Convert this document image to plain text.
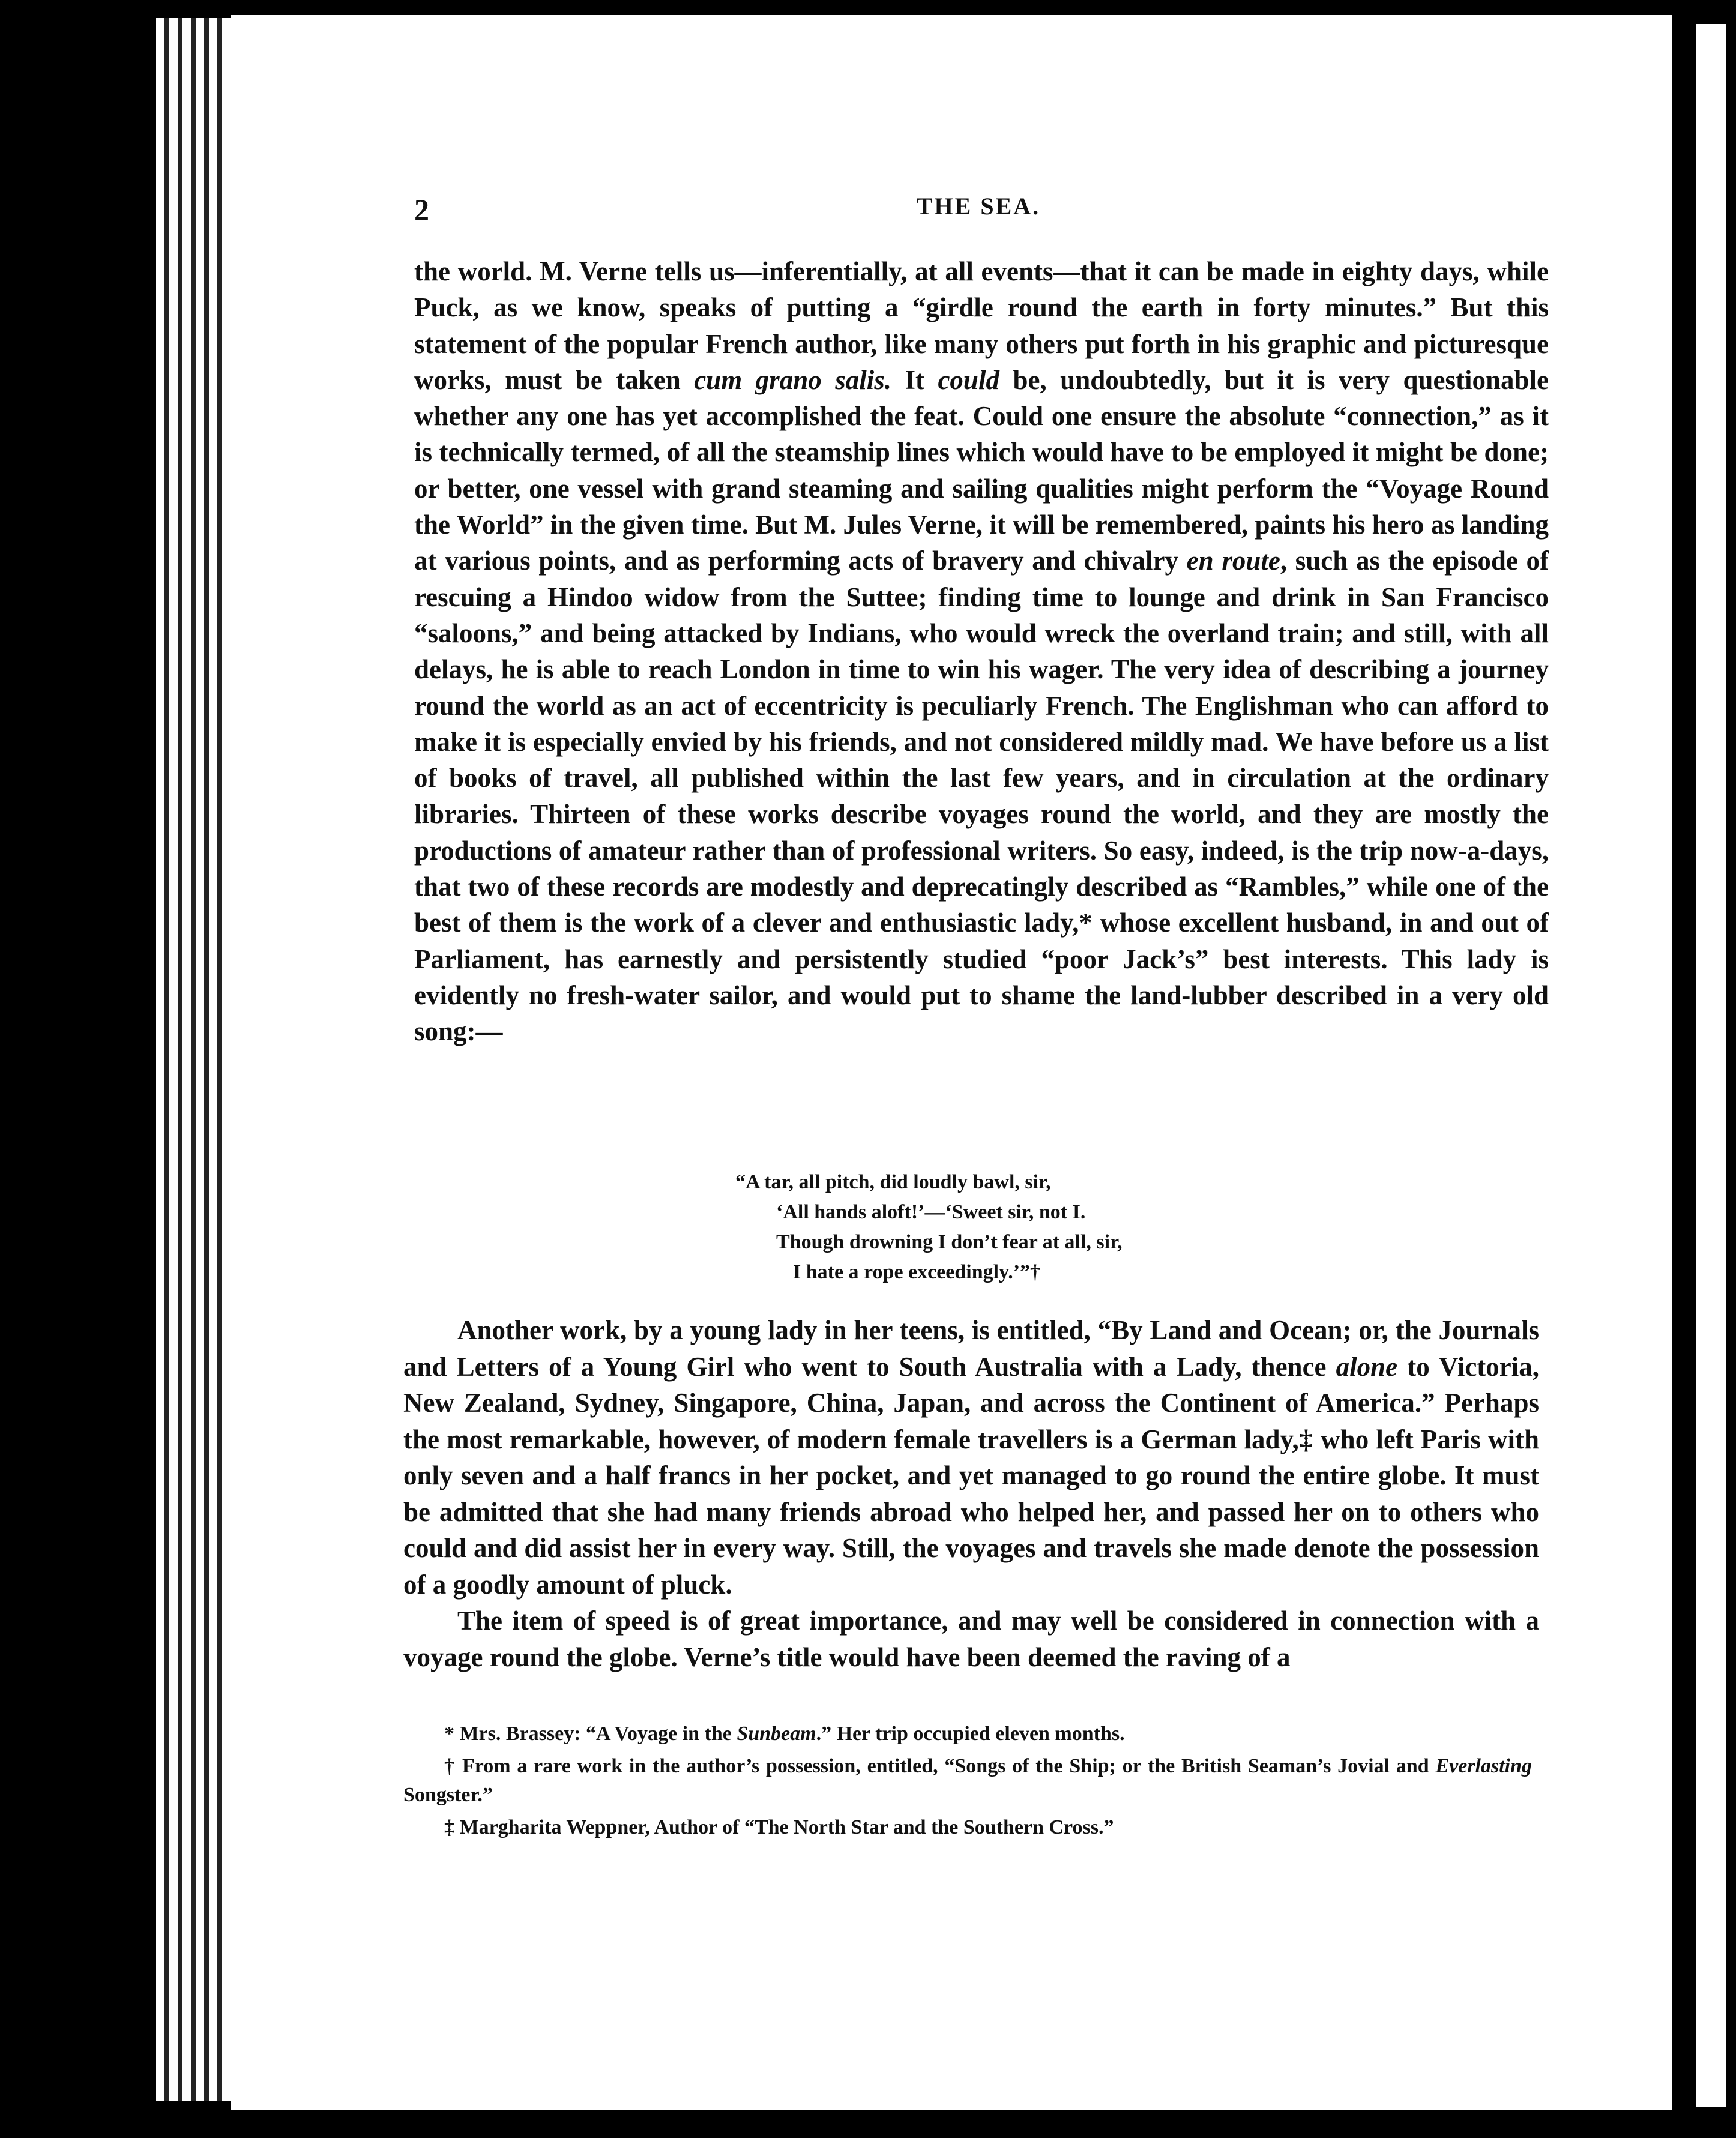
2	THE SEA.

the world. M. Verne tells us—inferentially, at all events—that it can be made in eighty days, while Puck, as we know, speaks of putting a “girdle round the earth in forty minutes.” But this statement of the popular French author, like many others put forth in his graphic and picturesque works, must be taken cum grano salis. It could be, undoubtedly, but it is very questionable whether any one has yet accomplished the feat. Could one ensure the absolute “connection,” as it is technically termed, of all the steamship lines which would have to be employed it might be done; or better, one vessel with grand steaming and sailing qualities might perform the “Voyage Round the World” in the given time. But M. Jules Verne, it will be remembered, paints his hero as landing at various points, and as performing acts of bravery and chivalry en route, such as the episode of rescuing a Hindoo widow from the Suttee; finding time to lounge and drink in San Francisco “saloons,” and being attacked by Indians, who would wreck the overland train; and still, with all delays, he is able to reach London in time to win his wager. The very idea of describing a journey round the world as an act of eccentricity is peculiarly French. The Englishman who can afford to make it is especially envied by his friends, and not considered mildly mad. We have before us a list of books of travel, all published within the last few years, and in circulation at the ordinary libraries. Thirteen of these works describe voyages round the world, and they are mostly the productions of amateur rather than of professional writers. So easy, indeed, is the trip now-a-days, that two of these records are modestly and deprecatingly described as “Rambles,” while one of the best of them is the work of a clever and enthusiastic lady,* whose excellent husband, in and out of Parliament, has earnestly and persistently studied “poor Jack’s” best interests. This lady is evidently no fresh-water sailor, and would put to shame the land-lubber described in a very old song:—

“A tar, all pitch, did loudly bawl, sir,
‘All hands aloft!’—‘Sweet sir, not I.
Though drowning I don’t fear at all, sir,
I hate a rope exceedingly.’”†

Another work, by a young lady in her teens, is entitled, “By Land and Ocean; or, the Journals and Letters of a Young Girl who went to South Australia with a Lady, thence alone to Victoria, New Zealand, Sydney, Singapore, China, Japan, and across the Continent of America.” Perhaps the most remarkable, however, of modern female travellers is a German lady,‡ who left Paris with only seven and a half francs in her pocket, and yet managed to go round the entire globe. It must be admitted that she had many friends abroad who helped her, and passed her on to others who could and did assist her in every way. Still, the voyages and travels she made denote the possession of a goodly amount of pluck.

The item of speed is of great importance, and may well be considered in connection with a voyage round the globe. Verne’s title would have been deemed the raving of a

* Mrs. Brassey: “A Voyage in the Sunbeam.” Her trip occupied eleven months.

† From a rare work in the author’s possession, entitled, “Songs of the Ship; or the British Seaman’s Jovial and Everlasting Songster.”

‡ Margharita Weppner, Author of “The North Star and the Southern Cross.”
